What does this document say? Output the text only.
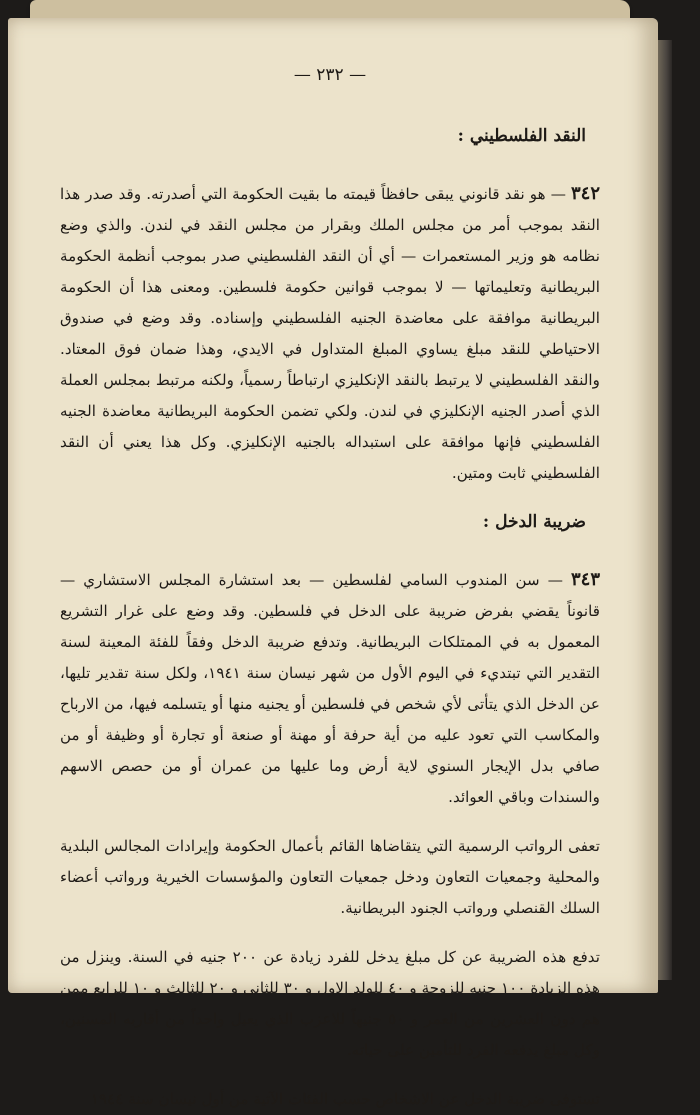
— ٢٣٢ —
النقد الفلسطيني :
٣٤٢ — هو نقد قانوني يبقى حافظاً قيمته ما بقيت الحكومة التي أصدرته. وقد صدر هذا النقد بموجب أمر من مجلس الملك وبقرار من مجلس النقد في لندن. والذي وضع نظامه هو وزير المستعمرات — أي أن النقد الفلسطيني صدر بموجب أنظمة الحكومة البريطانية وتعليماتها — لا بموجب قوانين حكومة فلسطين. ومعنى هذا أن الحكومة البريطانية موافقة على معاضدة الجنيه الفلسطيني وإسناده. وقد وضع في صندوق الاحتياطي للنقد مبلغ يساوي المبلغ المتداول في الايدي، وهذا ضمان فوق المعتاد. والنقد الفلسطيني لا يرتبط بالنقد الإنكليزي ارتباطاً رسمياً، ولكنه مرتبط بمجلس العملة الذي أصدر الجنيه الإنكليزي في لندن. ولكي تضمن الحكومة البريطانية معاضدة الجنيه الفلسطيني فإنها موافقة على استبداله بالجنيه الإنكليزي. وكل هذا يعني أن النقد الفلسطيني ثابت ومتين.
ضريبة الدخل :
٣٤٣ — سن المندوب السامي لفلسطين — بعد استشارة المجلس الاستشاري — قانوناً يقضي بفرض ضريبة على الدخل في فلسطين. وقد وضع على غرار التشريع المعمول به في الممتلكات البريطانية. وتدفع ضريبة الدخل وفقاً للفئة المعينة لسنة التقدير التي تبتديء في اليوم الأول من شهر نيسان سنة ١٩٤١، ولكل سنة تقدير تليها، عن الدخل الذي يتأتى لأي شخص في فلسطين أو يجنيه منها أو يتسلمه فيها، من الارباح والمكاسب التي تعود عليه من أية حرفة أو مهنة أو صنعة أو تجارة أو وظيفة أو من صافي بدل الإيجار السنوي لاية أرض وما عليها من عمران أو من حصص الاسهم والسندات وباقي العوائد.
تعفى الرواتب الرسمية التي يتقاضاها القائم بأعمال الحكومة وإيرادات المجالس البلدية والمحلية وجمعيات التعاون ودخل جمعيات التعاون والمؤسسات الخيرية ورواتب أعضاء السلك القنصلي ورواتب الجنود البريطانية.
تدفع هذه الضريبة عن كل مبلغ يدخل للفرد زيادة عن ٢٠٠ جنيه في السنة. وينزل من هذه الزيادة ١٠٠ جنيه للزوجة و ٤٠ للولد الاول و ٣٠ للثاني و ٢٠ للثالث و ١٠ للرابع ممن هم دون العشرين من العمر و ٥٠ جنيهاً للاعزب الذي يعيل واحداً من أقاربه المسنين، وكل مبلغ يدفعه الفرد للتأمين على حياته.
تستوفى ضريبة الدخل عن الاشخاص حسب الفئات الآتية من أول نيسان سنة ١٩٤٤
